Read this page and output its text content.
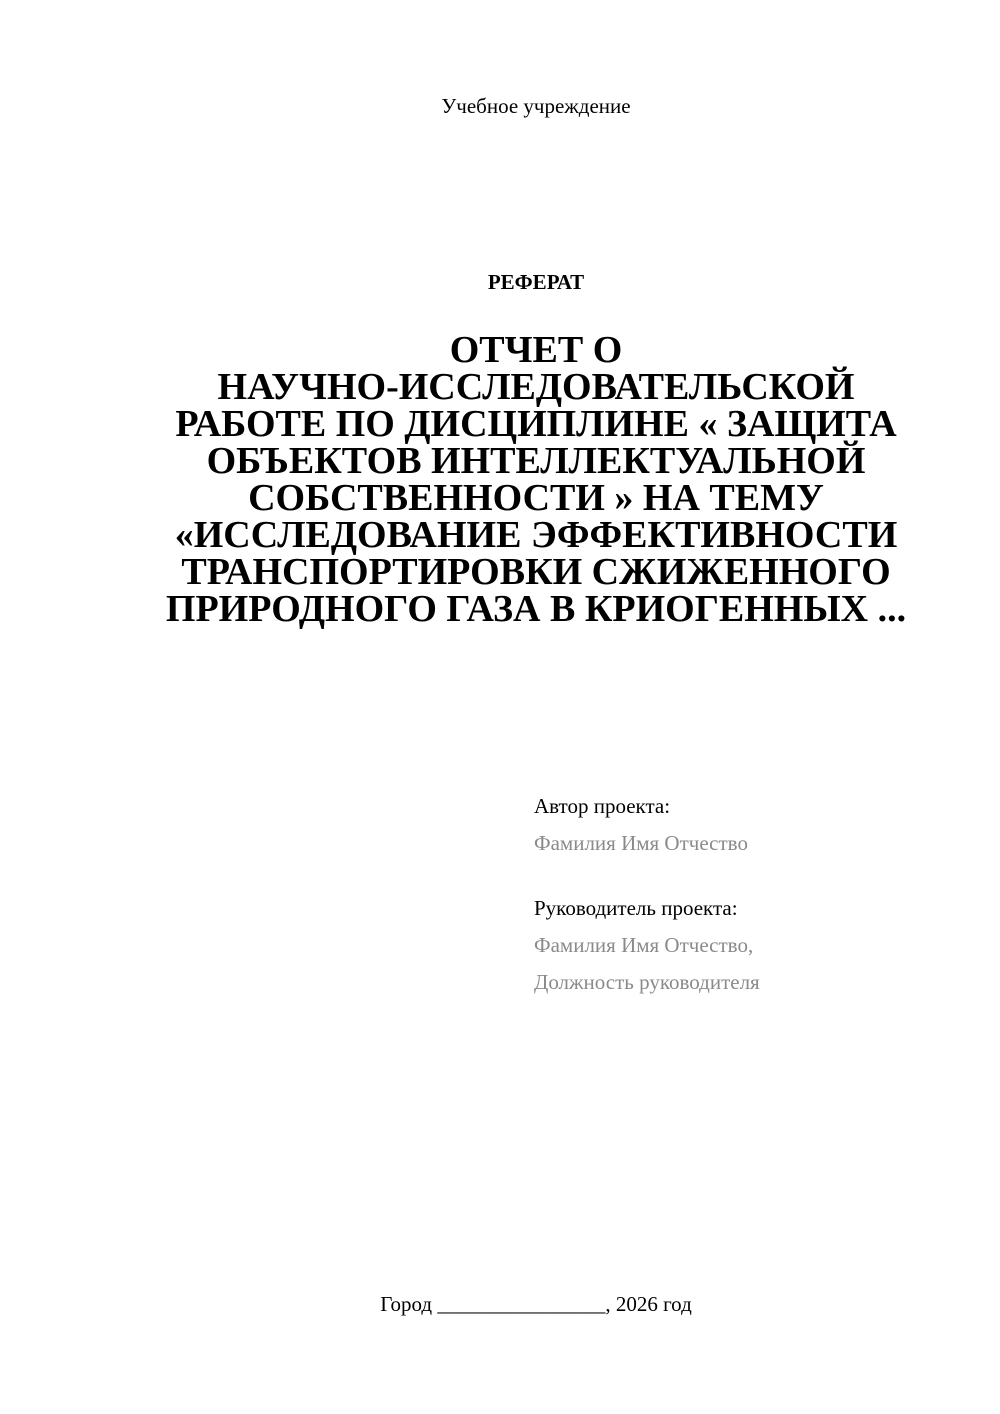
Учебное учреждение
РЕФЕРАТ
ОТЧЕТ О
НАУЧНО-ИССЛЕДОВАТЕЛЬСКОЙ
РАБОТЕ ПО ДИСЦИПЛИНЕ « ЗАЩИТА
ОБЪЕКТОВ ИНТЕЛЛЕКТУАЛЬНОЙ
СОБСТВЕННОСТИ » НА ТЕМУ
«ИССЛЕДОВАНИЕ ЭФФЕКТИВНОСТИ
ТРАНСПОРТИРОВКИ СЖИЖЕННОГО
ПРИРОДНОГО ГАЗА В КРИОГЕННЫХ ...
Автор проекта:
Фамилия Имя Отчество
Руководитель проекта:
Фамилия Имя Отчество,
Должность руководителя
Город ________________, 2026 год
